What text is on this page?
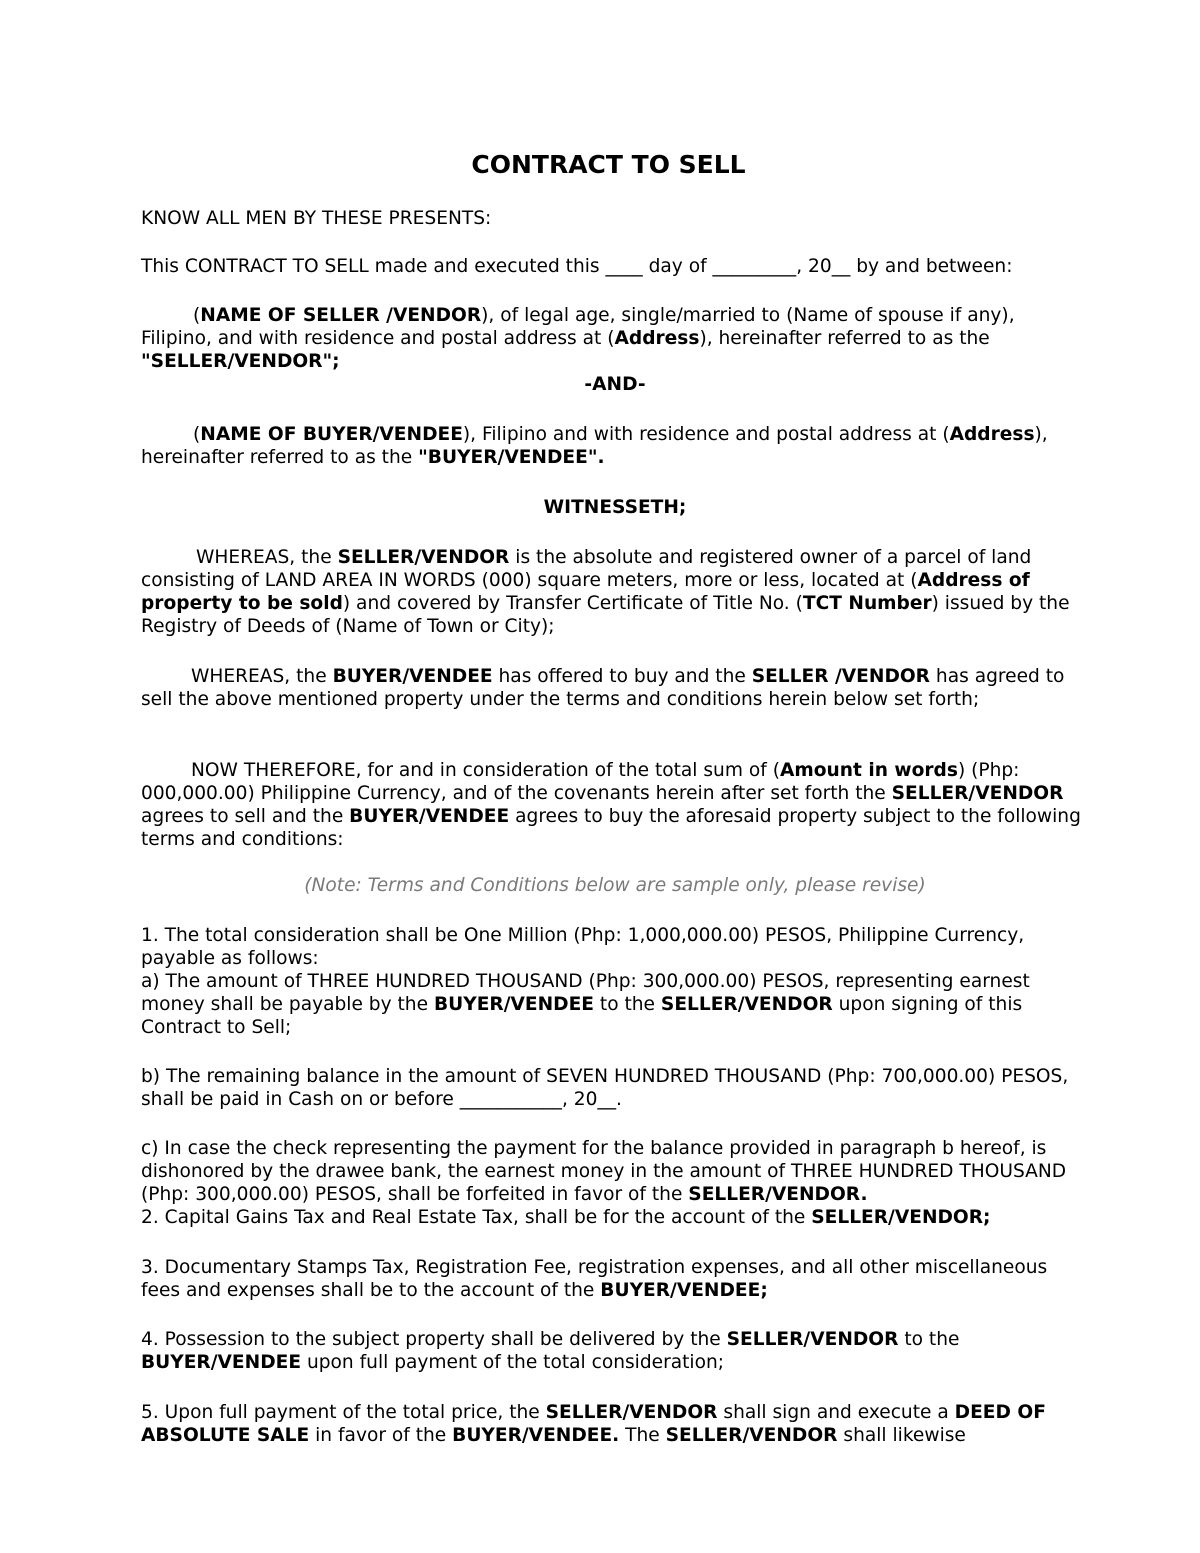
CONTRACT TO SELL

KNOW ALL MEN BY THESE PRESENTS:

This CONTRACT TO SELL made and executed this ____ day of _________, 20__ by and between:

(NAME OF SELLER /VENDOR), of legal age, single/married to (Name of spouse if any), Filipino, and with residence and postal address at (Address), hereinafter referred to as the "SELLER/VENDOR";

-AND-

(NAME OF BUYER/VENDEE), Filipino and with residence and postal address at (Address), hereinafter referred to as the "BUYER/VENDEE".

WITNESSETH;

WHEREAS, the SELLER/VENDOR is the absolute and registered owner of a parcel of land consisting of LAND AREA IN WORDS (000) square meters, more or less, located at (Address of property to be sold) and covered by Transfer Certificate of Title No. (TCT Number) issued by the Registry of Deeds of (Name of Town or City);

WHEREAS, the BUYER/VENDEE has offered to buy and the SELLER /VENDOR has agreed to sell the above mentioned property under the terms and conditions herein below set forth;

NOW THEREFORE, for and in consideration of the total sum of (Amount in words) (Php: 000,000.00) Philippine Currency, and of the covenants herein after set forth the SELLER/VENDOR agrees to sell and the BUYER/VENDEE agrees to buy the aforesaid property subject to the following terms and conditions:

(Note: Terms and Conditions below are sample only, please revise)

1. The total consideration shall be One Million (Php: 1,000,000.00) PESOS, Philippine Currency, payable as follows:
a) The amount of THREE HUNDRED THOUSAND (Php: 300,000.00) PESOS, representing earnest money shall be payable by the BUYER/VENDEE to the SELLER/VENDOR upon signing of this Contract to Sell;

b) The remaining balance in the amount of SEVEN HUNDRED THOUSAND (Php: 700,000.00) PESOS, shall be paid in Cash on or before ___________, 20__.

c) In case the check representing the payment for the balance provided in paragraph b hereof, is dishonored by the drawee bank, the earnest money in the amount of THREE HUNDRED THOUSAND (Php: 300,000.00) PESOS, shall be forfeited in favor of the SELLER/VENDOR.
2. Capital Gains Tax and Real Estate Tax, shall be for the account of the SELLER/VENDOR;

3. Documentary Stamps Tax, Registration Fee, registration expenses, and all other miscellaneous fees and expenses shall be to the account of the BUYER/VENDEE;

4. Possession to the subject property shall be delivered by the SELLER/VENDOR to the BUYER/VENDEE upon full payment of the total consideration;

5. Upon full payment of the total price, the SELLER/VENDOR shall sign and execute a DEED OF ABSOLUTE SALE in favor of the BUYER/VENDEE. The SELLER/VENDOR shall likewise
